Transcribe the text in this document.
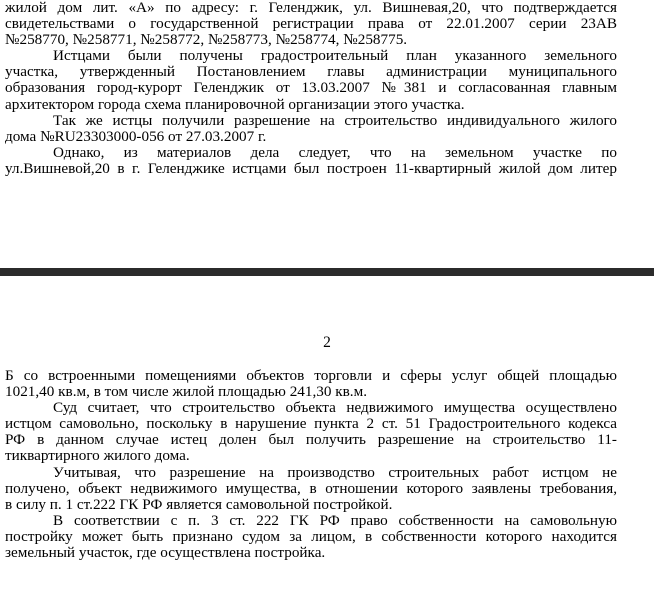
жилой дом лит. «А» по адресу: г. Геленджик, ул. Вишневая,20, что подтверждается
свидетельствами о государственной регистрации права от 22.01.2007 серии 23АВ
№258770, №258771, №258772, №258773, №258774, №258775.
Истцами были получены градостроительный план указанного земельного
участка, утвержденный Постановлением главы администрации муниципального
образования город-курорт Геленджик от 13.03.2007 №381 и согласованная главным
архитектором города схема планировочной организации этого участка.
Так же истцы получили разрешение на строительство индивидуального жилого
дома №RU23303000-056 от 27.03.2007 г.
Однако, из материалов дела следует, что на земельном участке по
ул.Вишневой,20 в г. Геленджике истцами был построен 11-квартирный жилой дом литер
2
Б со встроенными помещениями объектов торговли и сферы услуг общей площадью
1021,40 кв.м, в том числе жилой площадью 241,30 кв.м.
Суд считает, что строительство объекта недвижимого имущества осуществлено
истцом самовольно, поскольку в нарушение пункта 2 ст. 51 Градостроительного кодекса
РФ в данном случае истец долен был получить разрешение на строительство 11-
тиквартирного жилого дома.
Учитывая, что разрешение на производство строительных работ истцом не
получено, объект недвижимого имущества, в отношении которого заявлены требования,
в силу п. 1 ст.222 ГК РФ является самовольной постройкой.
В соответствии с п. 3 ст. 222 ГК РФ право собственности на самовольную
постройку может быть признано судом за лицом, в собственности которого находится
земельный участок, где осуществлена постройка.
